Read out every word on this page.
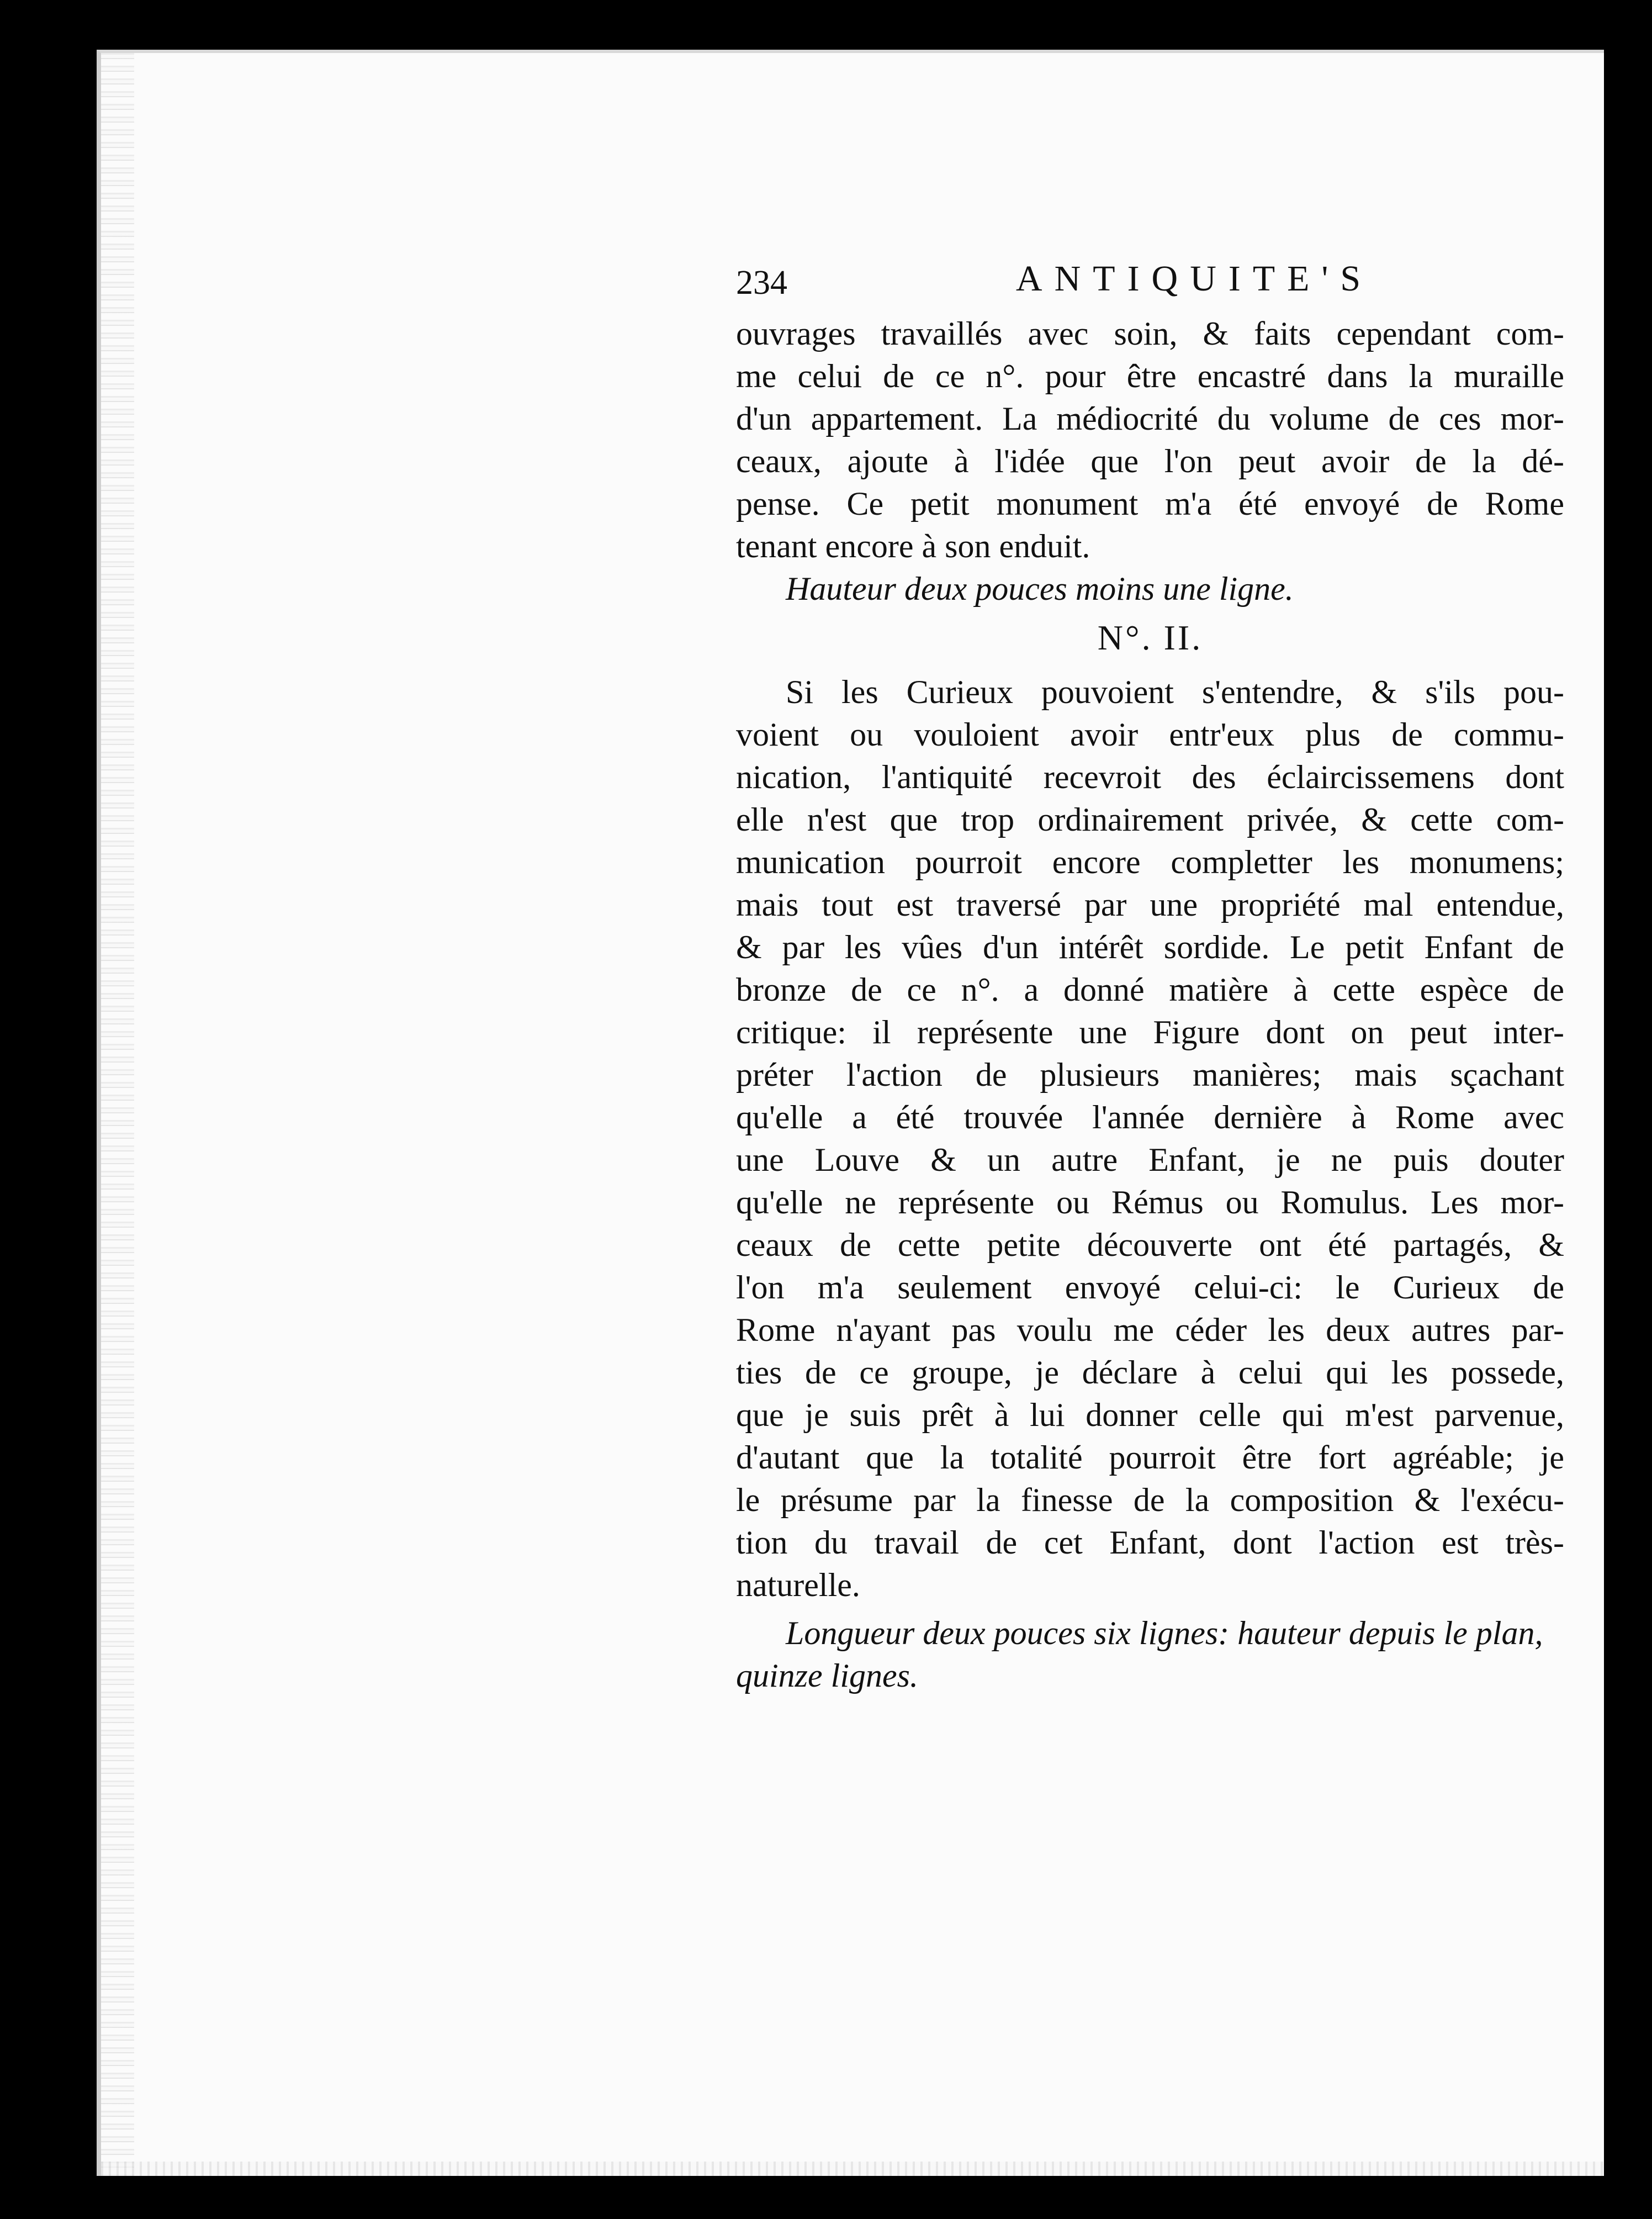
234	ANTIQUITE'S
ouvrages travaillés avec soin, & faits cependant com-
me celui de ce n°. pour être encastré dans la muraille
d'un appartement. La médiocrité du volume de ces mor-
ceaux, ajoute à l'idée que l'on peut avoir de la dé-
pense. Ce petit monument m'a été envoyé de Rome
tenant encore à son enduit.
Hauteur deux pouces moins une ligne.
N°. II.
Si les Curieux pouvoient s'entendre, & s'ils pou-
voient ou vouloient avoir entr'eux plus de commu-
nication, l'antiquité recevroit des éclaircissemens dont
elle n'est que trop ordinairement privée, & cette com-
munication pourroit encore completter les monumens;
mais tout est traversé par une propriété mal entendue,
& par les vûes d'un intérêt sordide. Le petit Enfant de
bronze de ce n°. a donné matière à cette espèce de
critique: il représente une Figure dont on peut inter-
préter l'action de plusieurs manières; mais sçachant
qu'elle a été trouvée l'année dernière à Rome avec
une Louve & un autre Enfant, je ne puis douter
qu'elle ne représente ou Rémus ou Romulus. Les mor-
ceaux de cette petite découverte ont été partagés, &
l'on m'a seulement envoyé celui-ci: le Curieux de
Rome n'ayant pas voulu me céder les deux autres par-
ties de ce groupe, je déclare à celui qui les possede,
que je suis prêt à lui donner celle qui m'est parvenue,
d'autant que la totalité pourroit être fort agréable; je
le présume par la finesse de la composition & l'exécu-
tion du travail de cet Enfant, dont l'action est très-
naturelle.
Longueur deux pouces six lignes: hauteur depuis le plan,
quinze lignes.
